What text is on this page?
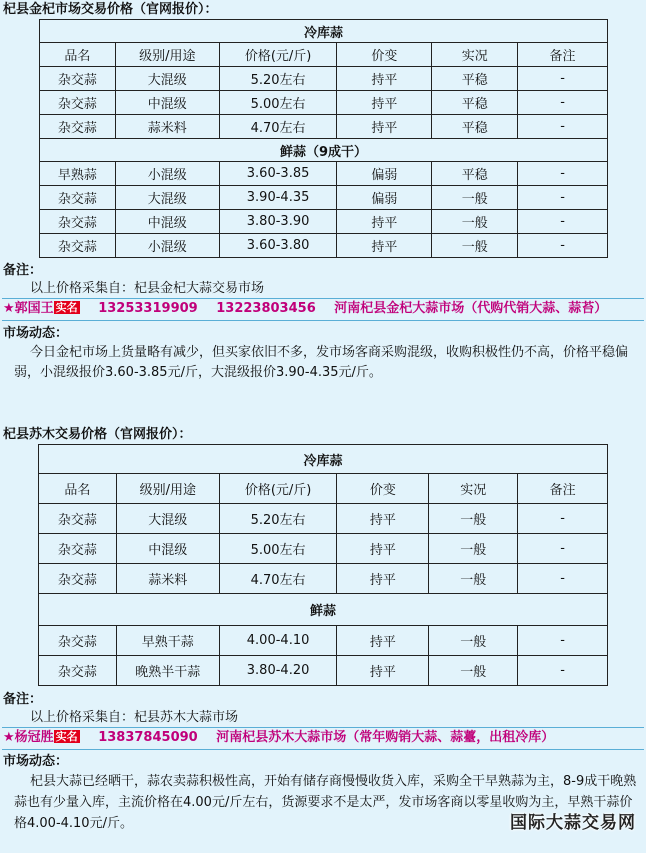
杞县金杞市场交易价格（官网报价）：
冷库蒜					
品名	级别/用途	价格(元/斤)	价变	实况	备注
杂交蒜	大混级	5.20左右	持平	平稳	-
杂交蒜	中混级	5.00左右	持平	平稳	-
杂交蒜	蒜米料	4.70左右	持平	平稳	-
鲜蒜（9成干）					
早熟蒜	小混级	3.60-3.85	偏弱	平稳	-
杂交蒜	大混级	3.90-4.35	偏弱	一般	-
杂交蒜	中混级	3.80-3.90	持平	一般	-
杂交蒜	小混级	3.60-3.80	持平	一般	-
备注：
以上价格采集自：杞县金杞大蒜交易市场
★郭国王 实名 13253319909 13223803456 河南杞县金杞大蒜市场（代购代销大蒜、蒜苔）
市场动态：
今日金杞市场上货量略有减少，但买家依旧不多，发市场客商采购混级，收购积极性仍不高，价格平稳偏弱，小混级报价3.60-3.85元/斤，大混级报价3.90-4.35元/斤。
杞县苏木交易价格（官网报价）：
冷库蒜					
品名	级别/用途	价格(元/斤)	价变	实况	备注
杂交蒜	大混级	5.20左右	持平	一般	-
杂交蒜	中混级	5.00左右	持平	一般	-
杂交蒜	蒜米料	4.70左右	持平	一般	-
鲜蒜					
杂交蒜	早熟干蒜	4.00-4.10	持平	一般	-
杂交蒜	晚熟半干蒜	3.80-4.20	持平	一般	-
备注：
以上价格采集自：杞县苏木大蒜市场
★杨冠胜 实名 13837845090 河南杞县苏木大蒜市场（常年购销大蒜、蒜薹，出租冷库）
市场动态：
杞县大蒜已经晒干，蒜农卖蒜积极性高，开始有储存商慢慢收货入库，采购全干早熟蒜为主，8-9成干晚熟蒜也有少量入库，主流价格在4.00元/斤左右，货源要求不是太严，发市场客商以零星收购为主，早熟干蒜价格4.00-4.10元/斤。	国际大蒜交易网
